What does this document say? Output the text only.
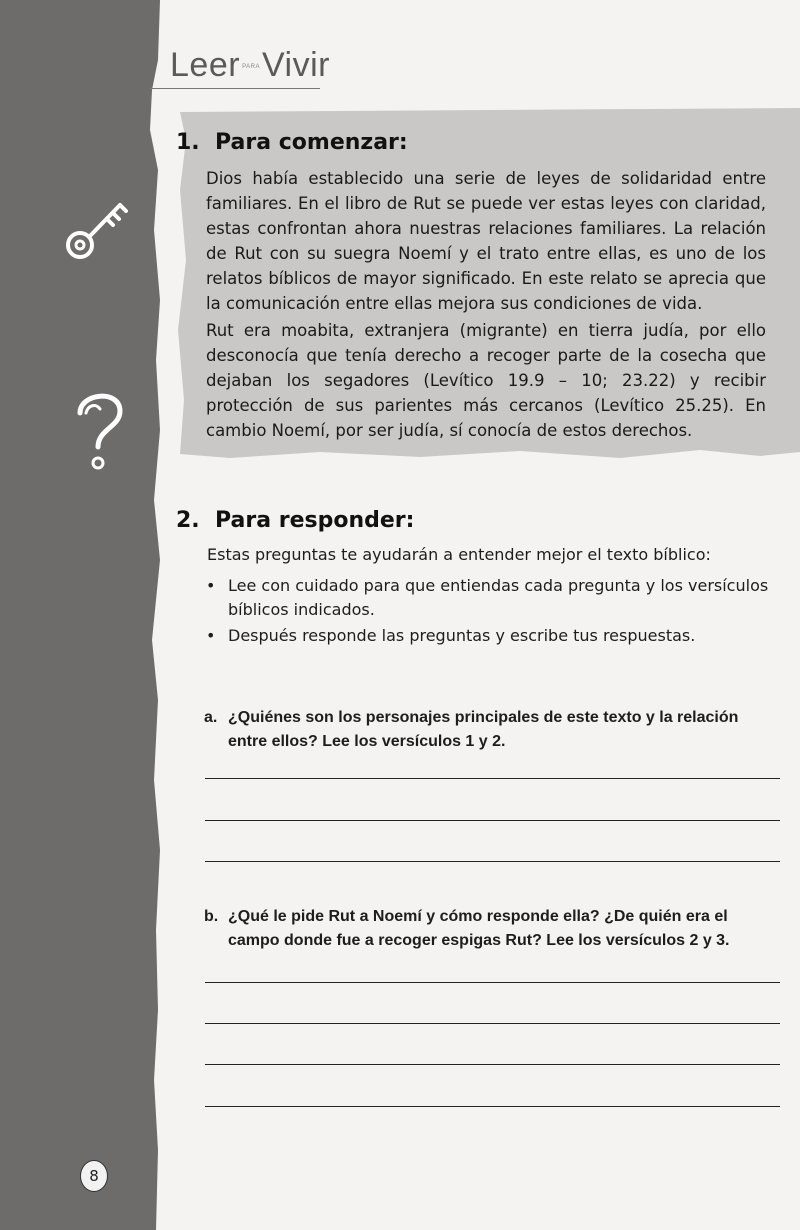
Leer PARAVivir
1. Para comenzar:
Dios había establecido una serie de leyes de solidaridad entre familiares. En el libro de Rut se puede ver estas leyes con claridad, estas confrontan ahora nuestras relaciones familiares. La relación de Rut con su suegra Noemí y el trato entre ellas, es uno de los relatos bíblicos de mayor significado. En este relato se aprecia que la comunicación entre ellas mejora sus condiciones de vida.
Rut era moabita, extranjera (migrante) en tierra judía, por ello desconocía que tenía derecho a recoger parte de la cosecha que dejaban los segadores (Levítico 19.9 – 10; 23.22) y recibir protección de sus parientes más cercanos (Levítico 25.25). En cambio Noemí, por ser judía, sí conocía de estos derechos.
2. Para responder:
Estas preguntas te ayudarán a entender mejor el texto bíblico:
• Lee con cuidado para que entiendas cada pregunta y los versículos bíblicos indicados.
• Después responde las preguntas y escribe tus respuestas.
a. ¿Quiénes son los personajes principales de este texto y la relación entre ellos? Lee los versículos 1 y 2.
b. ¿Qué le pide Rut a Noemí y cómo responde ella? ¿De quién era el campo donde fue a recoger espigas Rut? Lee los versículos 2 y 3.
8
